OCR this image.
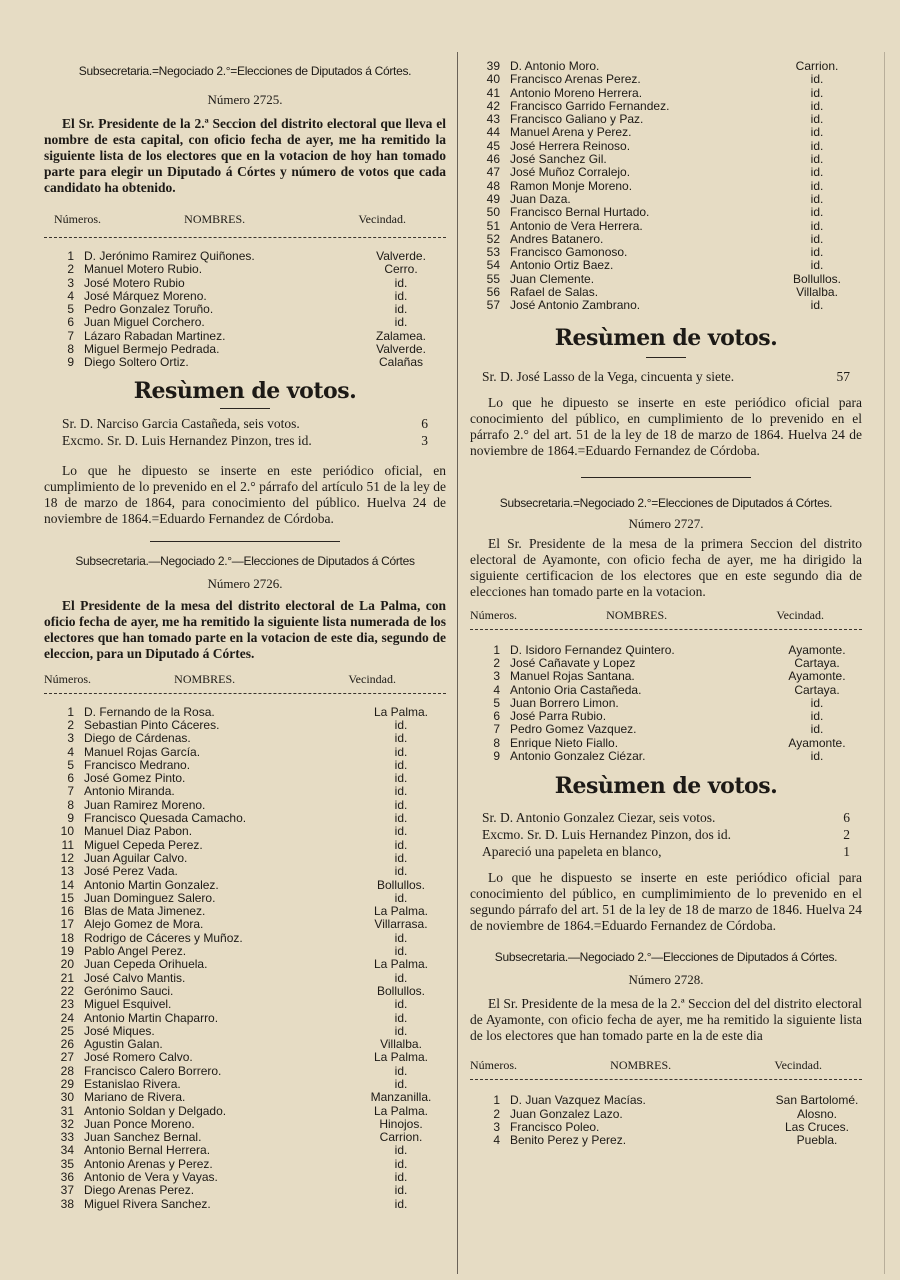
Subsecretaria.=Negociado 2.°=Elecciones de Diputados á Córtes.

Número 2725.

El Sr. Presidente de la 2.ª Seccion del distrito electoral que lleva el nombre de esta capital, con oficio fecha de ayer, me ha remitido la siguiente lista de los electores que en la votacion de hoy han tomado parte para elegir un Diputado á Córtes y número de votos que cada candidato ha obtenido.

Números.	NOMBRES.	Vecindad.
1	D. Jerónimo Ramirez Quiñones.	Valverde.
2	Manuel Motero Rubio.	Cerro.
3	José Motero Rubio	id.
4	José Márquez Moreno.	id.
5	Pedro Gonzalez Toruño.	id.
6	Juan Miguel Corchero.	id.
7	Lázaro Rabadan Martinez.	Zalamea.
8	Miguel Bermejo Pedrada.	Valverde.
9	Diego Soltero Ortiz.	Calañas

Resùmen de votos.

Sr. D. Narciso Garcia Castañeda, seis votos.	6
Excmo. Sr. D. Luis Hernandez Pinzon, tres id.	3

Lo que he dipuesto se inserte en este periódico oficial, en cumplimiento de lo prevenido en el 2.° párrafo del artículo 51 de la ley de 18 de marzo de 1864, para conocimiento del público. Huelva 24 de noviembre de 1864.=Eduardo Fernandez de Córdoba.

Subsecretaria.—Negociado 2.°—Elecciones de Diputados á Córtes

Número 2726.

El Presidente de la mesa del distrito electoral de La Palma, con oficio fecha de ayer, me ha remitido la siguiente lista numerada de los electores que han tomado parte en la votacion de este dia, segundo de eleccion, para un Diputado á Córtes.

Números.	NOMBRES.	Vecindad.
1	D. Fernando de la Rosa.	La Palma.
2	Sebastian Pinto Cáceres.	id.
3	Diego de Cárdenas.	id.
4	Manuel Rojas García.	id.
5	Francisco Medrano.	id.
6	José Gomez Pinto.	id.
7	Antonio Miranda.	id.
8	Juan Ramirez Moreno.	id.
9	Francisco Quesada Camacho.	id.
10	Manuel Diaz Pabon.	id.
11	Miguel Cepeda Perez.	id.
12	Juan Aguilar Calvo.	id.
13	José Perez Vada.	id.
14	Antonio Martin Gonzalez.	Bollullos.
15	Juan Dominguez Salero.	id.
16	Blas de Mata Jimenez.	La Palma.
17	Alejo Gomez de Mora.	Villarrasa.
18	Rodrigo de Cáceres y Muñoz.	id.
19	Pablo Angel Perez.	id.
20	Juan Cepeda Orihuela.	La Palma.
21	José Calvo Mantis.	id.
22	Gerónimo Sauci.	Bollullos.
23	Miguel Esquivel.	id.
24	Antonio Martin Chaparro.	id.
25	José Miques.	id.
26	Agustin Galan.	Villalba.
27	José Romero Calvo.	La Palma.
28	Francisco Calero Borrero.	id.
29	Estanislao Rivera.	id.
30	Mariano de Rivera.	Manzanilla.
31	Antonio Soldan y Delgado.	La Palma.
32	Juan Ponce Moreno.	Hinojos.
33	Juan Sanchez Bernal.	Carrion.
34	Antonio Bernal Herrera.	id.
35	Antonio Arenas y Perez.	id.
36	Antonio de Vera y Vayas.	id.
37	Diego Arenas Perez.	id.
38	Miguel Rivera Sanchez.	id.
39	D. Antonio Moro.	Carrion.
40	Francisco Arenas Perez.	id.
41	Antonio Moreno Herrera.	id.
42	Francisco Garrido Fernandez.	id.
43	Francisco Galiano y Paz.	id.
44	Manuel Arena y Perez.	id.
45	José Herrera Reinoso.	id.
46	José Sanchez Gil.	id.
47	José Muñoz Corralejo.	id.
48	Ramon Monje Moreno.	id.
49	Juan Daza.	id.
50	Francisco Bernal Hurtado.	id.
51	Antonio de Vera Herrera.	id.
52	Andres Batanero.	id.
53	Francisco Gamonoso.	id.
54	Antonio Ortiz Baez.	id.
55	Juan Clemente.	Bollullos.
56	Rafael de Salas.	Villalba.
57	José Antonio Zambrano.	id.

Resùmen de votos.

Sr. D. José Lasso de la Vega, cincuenta y siete.	57

Lo que he dipuesto se inserte en este periódico oficial para conocimiento del público, en cumplimiento de lo prevenido en el párrafo 2.° del art. 51 de la ley de 18 de marzo de 1864. Huelva 24 de noviembre de 1864.=Eduardo Fernandez de Córdoba.

Subsecretaria.=Negociado 2.°=Elecciones de Diputados á Córtes.

Número 2727.

El Sr. Presidente de la mesa de la primera Seccion del distrito electoral de Ayamonte, con oficio fecha de ayer, me ha dirigido la siguiente certificacion de los electores que en este segundo dia de elecciones han tomado parte en la votacion.

Números.	NOMBRES.	Vecindad.
1	D. Isidoro Fernandez Quintero.	Ayamonte.
2	José Cañavate y Lopez	Cartaya.
3	Manuel Rojas Santana.	Ayamonte.
4	Antonio Oria Castañeda.	Cartaya.
5	Juan Borrero Limon.	id.
6	José Parra Rubio.	id.
7	Pedro Gomez Vazquez.	id.
8	Enrique Nieto Fiallo.	Ayamonte.
9	Antonio Gonzalez Ciézar.	id.

Resùmen de votos.

Sr. D. Antonio Gonzalez Ciezar, seis votos.	6
Excmo. Sr. D. Luis Hernandez Pinzon, dos id.	2
Apareció una papeleta en blanco,	1

Lo que he dispuesto se inserte en este periódico oficial para conocimiento del público, en cumplimimiento de lo prevenido en el segundo párrafo del art. 51 de la ley de 18 de marzo de 1846. Huelva 24 de noviembre de 1864.=Eduardo Fernandez de Córdoba.

Subsecretaria.—Negociado 2.°—Elecciones de Diputados á Córtes.

Número 2728.

El Sr. Presidente de la mesa de la 2.ª Seccion del del distrito electoral de Ayamonte, con oficio fecha de ayer, me ha remitido la siguiente lista de los electores que han tomado parte en la de este dia

Números.	NOMBRES.	Vecindad.
1	D. Juan Vazquez Macías.	San Bartolomé.
2	Juan Gonzalez Lazo.	Alosno.
3	Francisco Poleo.	Las Cruces.
4	Benito Perez y Perez.	Puebla.
